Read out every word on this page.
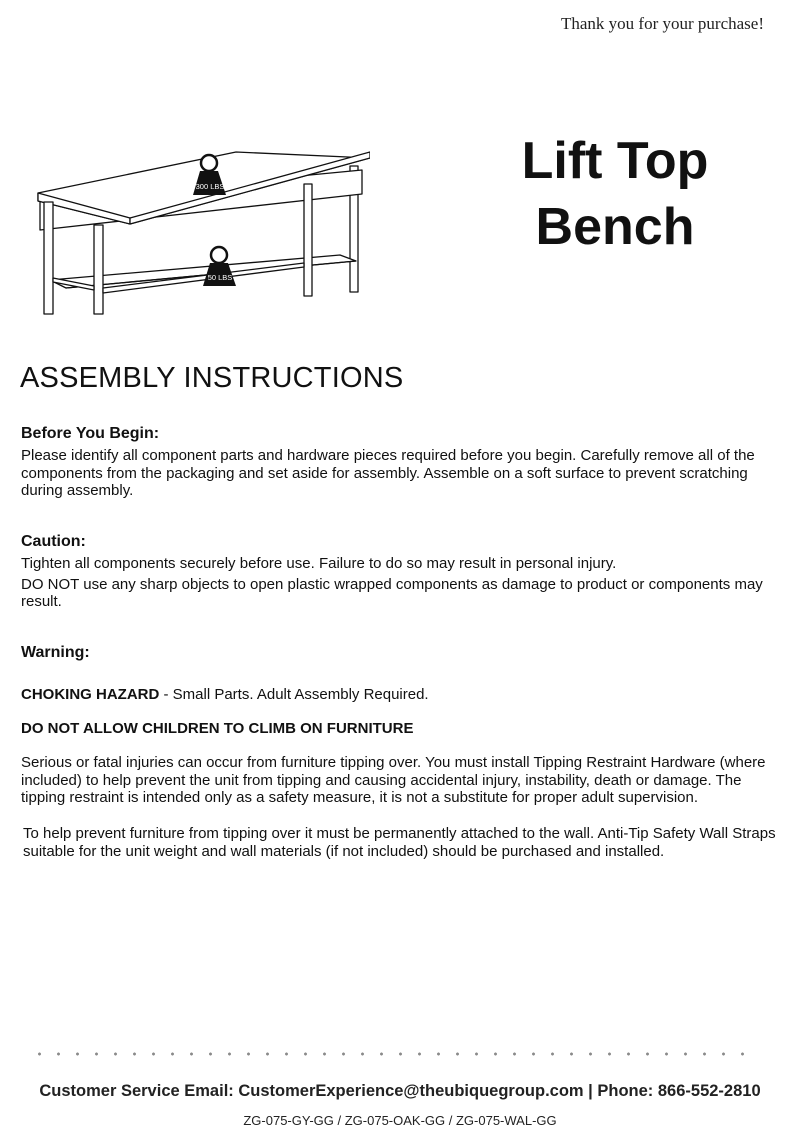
Thank you for your purchase!
300 LBS
50 LBS
Lift Top
Bench
ASSEMBLY INSTRUCTIONS
Before You Begin:

Please identify all component parts and hardware pieces required before you begin. Carefully remove all of the components from the packaging and set aside for assembly. Assemble on a soft surface to prevent scratching during assembly.

Caution:

Tighten all components securely before use. Failure to do so may result in personal injury.

DO NOT use any sharp objects to open plastic wrapped components as damage to product or components may result.

Warning:
CHOKING HAZARD - Small Parts. Adult Assembly Required.
DO NOT ALLOW CHILDREN TO CLIMB ON FURNITURE
Serious or fatal injuries can occur from furniture tipping over. You must install Tipping Restraint Hardware (where included) to help prevent the unit from tipping and causing accidental injury, instability, death or damage. The tipping restraint is intended only as a safety measure, it is not a substitute for proper adult supervision.
To help prevent furniture from tipping over it must be permanently attached to the wall. Anti-Tip Safety Wall Straps suitable for the unit weight and wall materials (if not included) should be purchased and installed.
Customer Service Email: CustomerExperience@theubiquegroup.com | Phone: 866-552-2810
ZG-075-GY-GG / ZG-075-OAK-GG / ZG-075-WAL-GG
